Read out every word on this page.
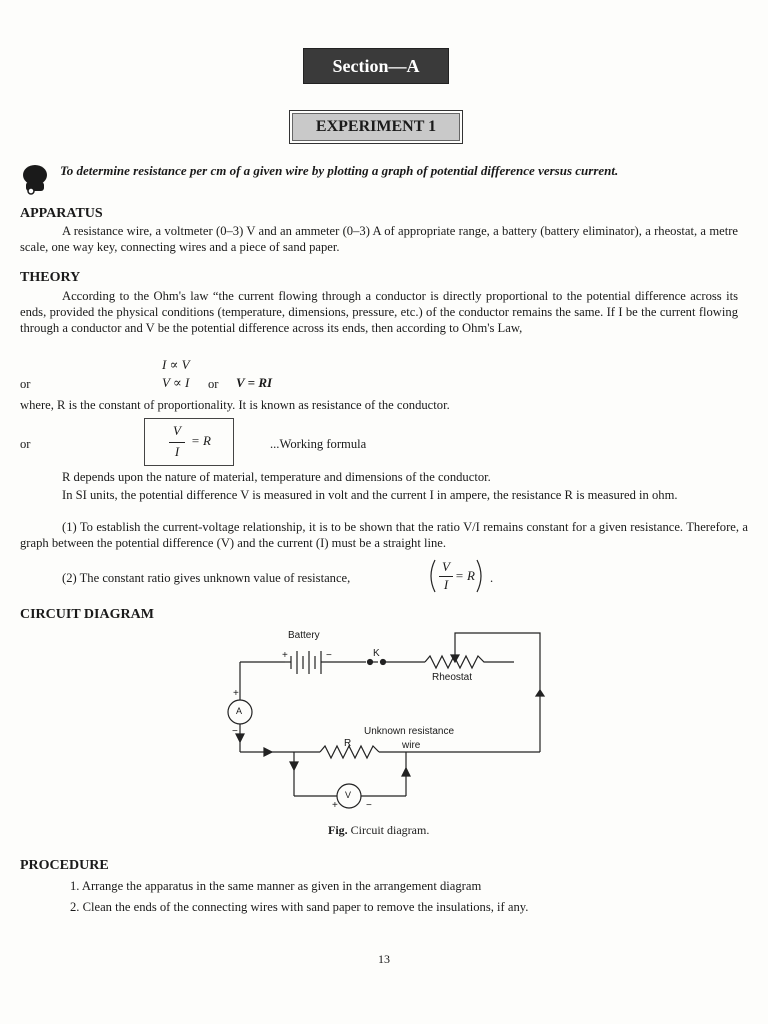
Section—A
EXPERIMENT 1
To determine resistance per cm of a given wire by plotting a graph of potential difference versus current.
APPARATUS
A resistance wire, a voltmeter (0–3) V and an ammeter (0–3) A of appropriate range, a battery (battery eliminator), a rheostat, a metre scale, one way key, connecting wires and a piece of sand paper.
THEORY
According to the Ohm's law “the current flowing through a conductor is directly proportional to the potential difference across its ends, provided the physical conditions (temperature, dimensions, pressure, etc.) of the conductor remains the same. If I be the current flowing through a conductor and V be the potential difference across its ends, then according to Ohm's Law,
I ∝ V
or	V ∝ I or V = RI
where, R is the constant of proportionality. It is known as resistance of the conductor.
or
V
I
= R	...Working formula
R depends upon the nature of material, temperature and dimensions of the conductor.
In SI units, the potential difference V is measured in volt and the current I in ampere, the resistance R is measured in ohm.
(1) To establish the current-voltage relationship, it is to be shown that the ratio V/I remains constant for a given resistance. Therefore, a graph between the potential difference (V) and the current (I) must be a straight line.
(2) The constant ratio gives unknown value of resistance,
V
I
= R .
CIRCUIT DIAGRAM
Battery
+	−	K
Rheostat
A
+
−	Unknown resistance
wire
R
V
+	−
Fig. Circuit diagram.
PROCEDURE
1. Arrange the apparatus in the same manner as given in the arrangement diagram
2. Clean the ends of the connecting wires with sand paper to remove the insulations, if any.
13
